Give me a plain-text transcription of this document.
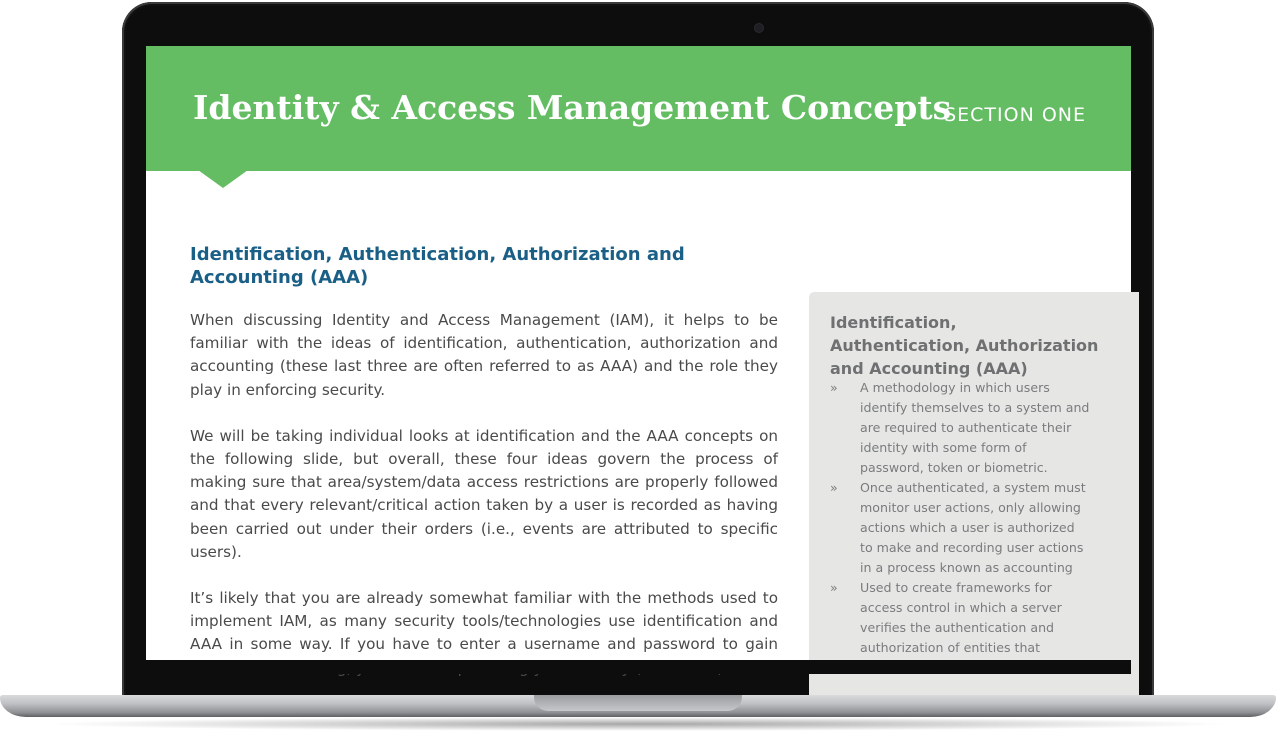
Identity & Access Management Concepts
SECTION ONE
Identification, Authentication, Authorization and Accounting (AAA)

When discussing Identity and Access Management (IAM), it helps to be familiar with the ideas of identification, authentication, authorization and accounting (these last three are often referred to as AAA) and the role they play in enforcing security.

We will be taking individual looks at identification and the AAA concepts on the following slide, but overall, these four ideas govern the process of making sure that area/system/data access restrictions are properly followed and that every relevant/critical action taken by a user is recorded as having been carried out under their orders (i.e., events are attributed to specific users).

It’s likely that you are already somewhat familiar with the methods used to implement IAM, as many security tools/technologies use identification and AAA in some way. If you have to enter a username and password to gain

Identification, Authentication, Authorization and Accounting (AAA)
» A methodology in which users identify themselves to a system and are required to authenticate their identity with some form of password, token or biometric.
» Once authenticated, a system must monitor user actions, only allowing actions which a user is authorized to make and recording user actions in a process known as accounting
» Used to create frameworks for access control in which a server verifies the authentication and authorization of entities that
